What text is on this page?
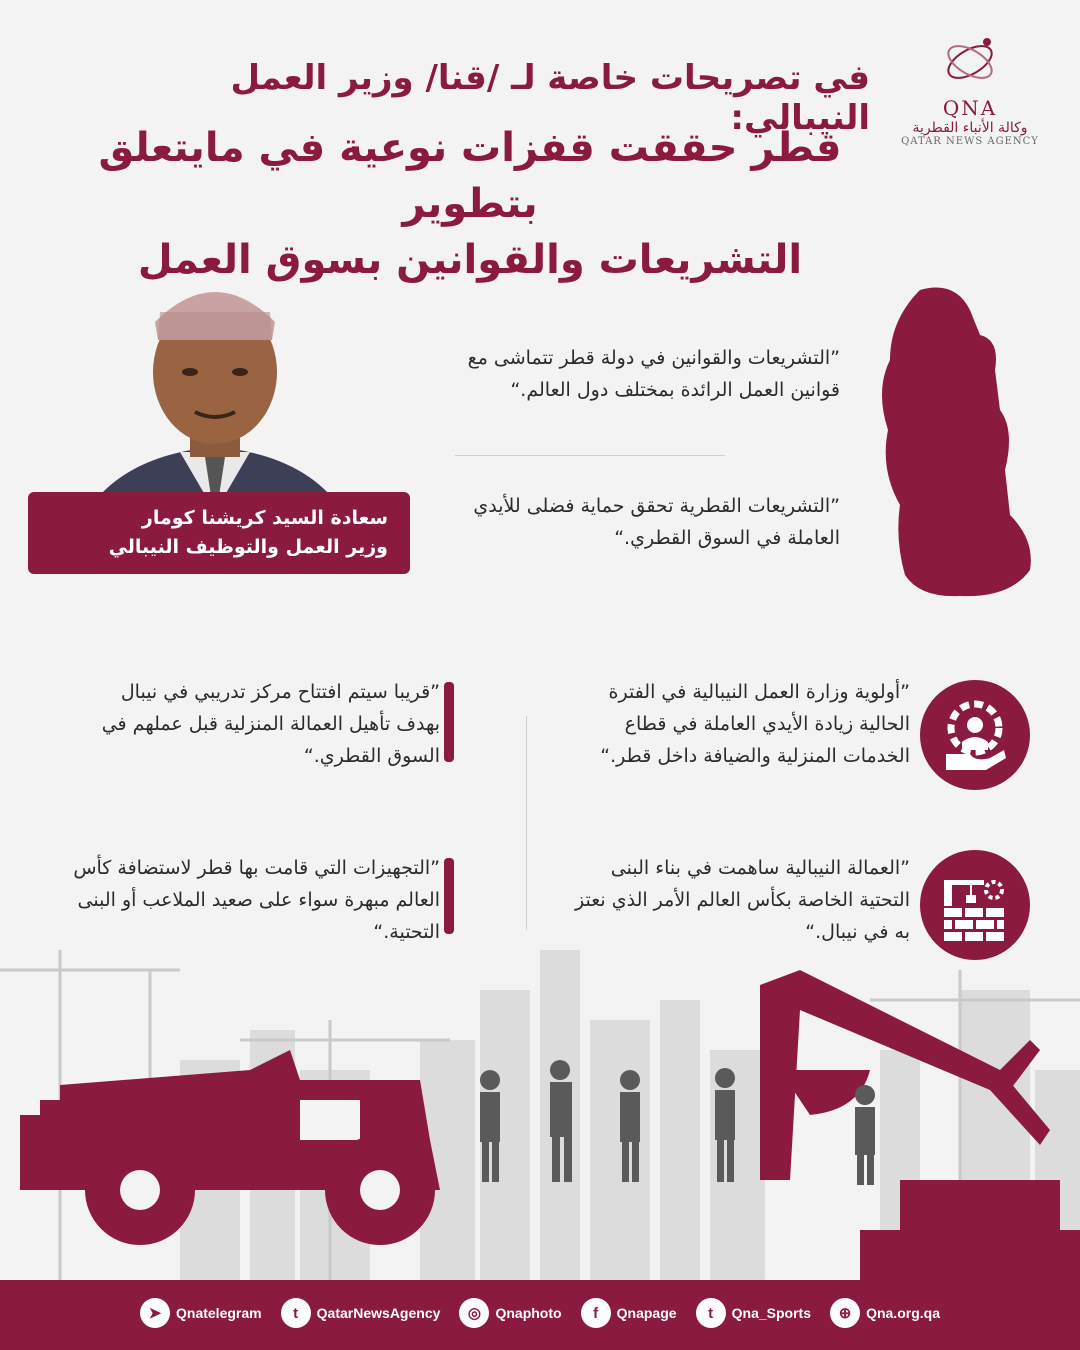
في تصريحات خاصة لـ /قنا/ وزير العمل النيبالي:
قطر حققت قفزات نوعية في مايتعلق بتطوير
التشريعات والقوانين بسوق العمل
QNA
وكالة الأنباء القطرية
QATAR NEWS AGENCY
سعادة السيد كريشنا كومار
وزير العمل والتوظيف النيبالي
”التشريعات والقوانين في دولة قطر تتماشى مع قوانين العمل الرائدة بمختلف دول العالم.“
”التشريعات القطرية تحقق حماية فضلى للأيدي العاملة في السوق القطري.“
”أولوية وزارة العمل النيبالية في الفترة الحالية زيادة الأيدي العاملة في قطاع الخدمات المنزلية والضيافة داخل قطر.“
”قريبا سيتم افتتاح مركز تدريبي في نيبال بهدف تأهيل العمالة المنزلية قبل عملهم في السوق القطري.“
”العمالة النيبالية ساهمت في بناء البنى التحتية الخاصة بكأس العالم الأمر الذي نعتز به في نيبال.“
”التجهيزات التي قامت بها قطر لاستضافة كأس العالم مبهرة سواء على صعيد الملاعب أو البنى التحتية.“
➤	Qnatelegram	t	QatarNewsAgency	◎	Qnaphoto	f	Qnapage	t	Qna_Sports	⊕	Qna.org.qa
